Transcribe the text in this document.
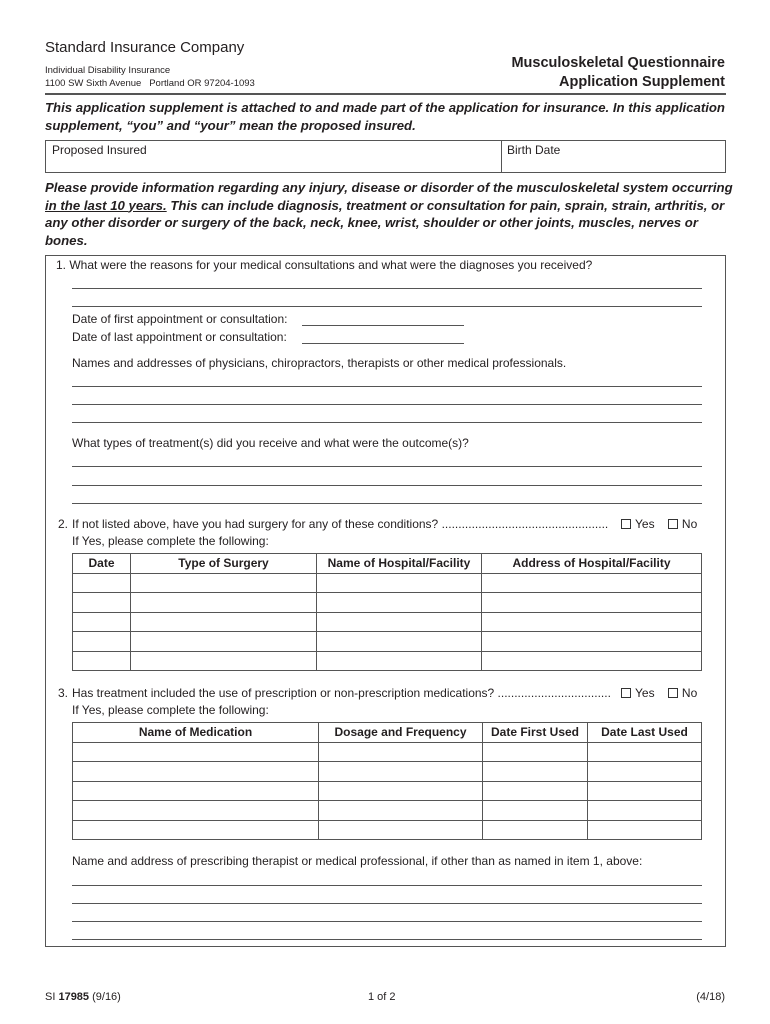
Standard Insurance Company
Individual Disability Insurance
1100 SW Sixth Avenue   Portland OR 97204-1093
Musculoskeletal Questionnaire
Application Supplement
This application supplement is attached to and made part of the application for insurance. In this application supplement, “you” and “your” mean the proposed insured.
Proposed Insured	Birth Date
Please provide information regarding any injury, disease or disorder of the musculoskeletal system occurring in the last 10 years. This can include diagnosis, treatment or consultation for pain, sprain, strain, arthritis, or any other disorder or surgery of the back, neck, knee, wrist, shoulder or other joints, muscles, nerves or bones.
1. What were the reasons for your medical consultations and what were the diagnoses you received?
Date of first appointment or consultation:
Date of last appointment or consultation:
Names and addresses of physicians, chiropractors, therapists or other medical professionals.
What types of treatment(s) did you receive and what were the outcome(s)?
2. If not listed above, have you had surgery for any of these conditions? ..................................................	Yes No
If Yes, please complete the following:
Date	Type of Surgery	Name of Hospital/Facility	Address of Hospital/Facility

3. Has treatment included the use of prescription or non-prescription medications? ..................................	Yes No
If Yes, please complete the following:
Name of Medication	Dosage and Frequency	Date First Used	Date Last Used

Name and address of prescribing therapist or medical professional, if other than as named in item 1, above:
SI 17985 (9/16)	1 of 2	(4/18)
